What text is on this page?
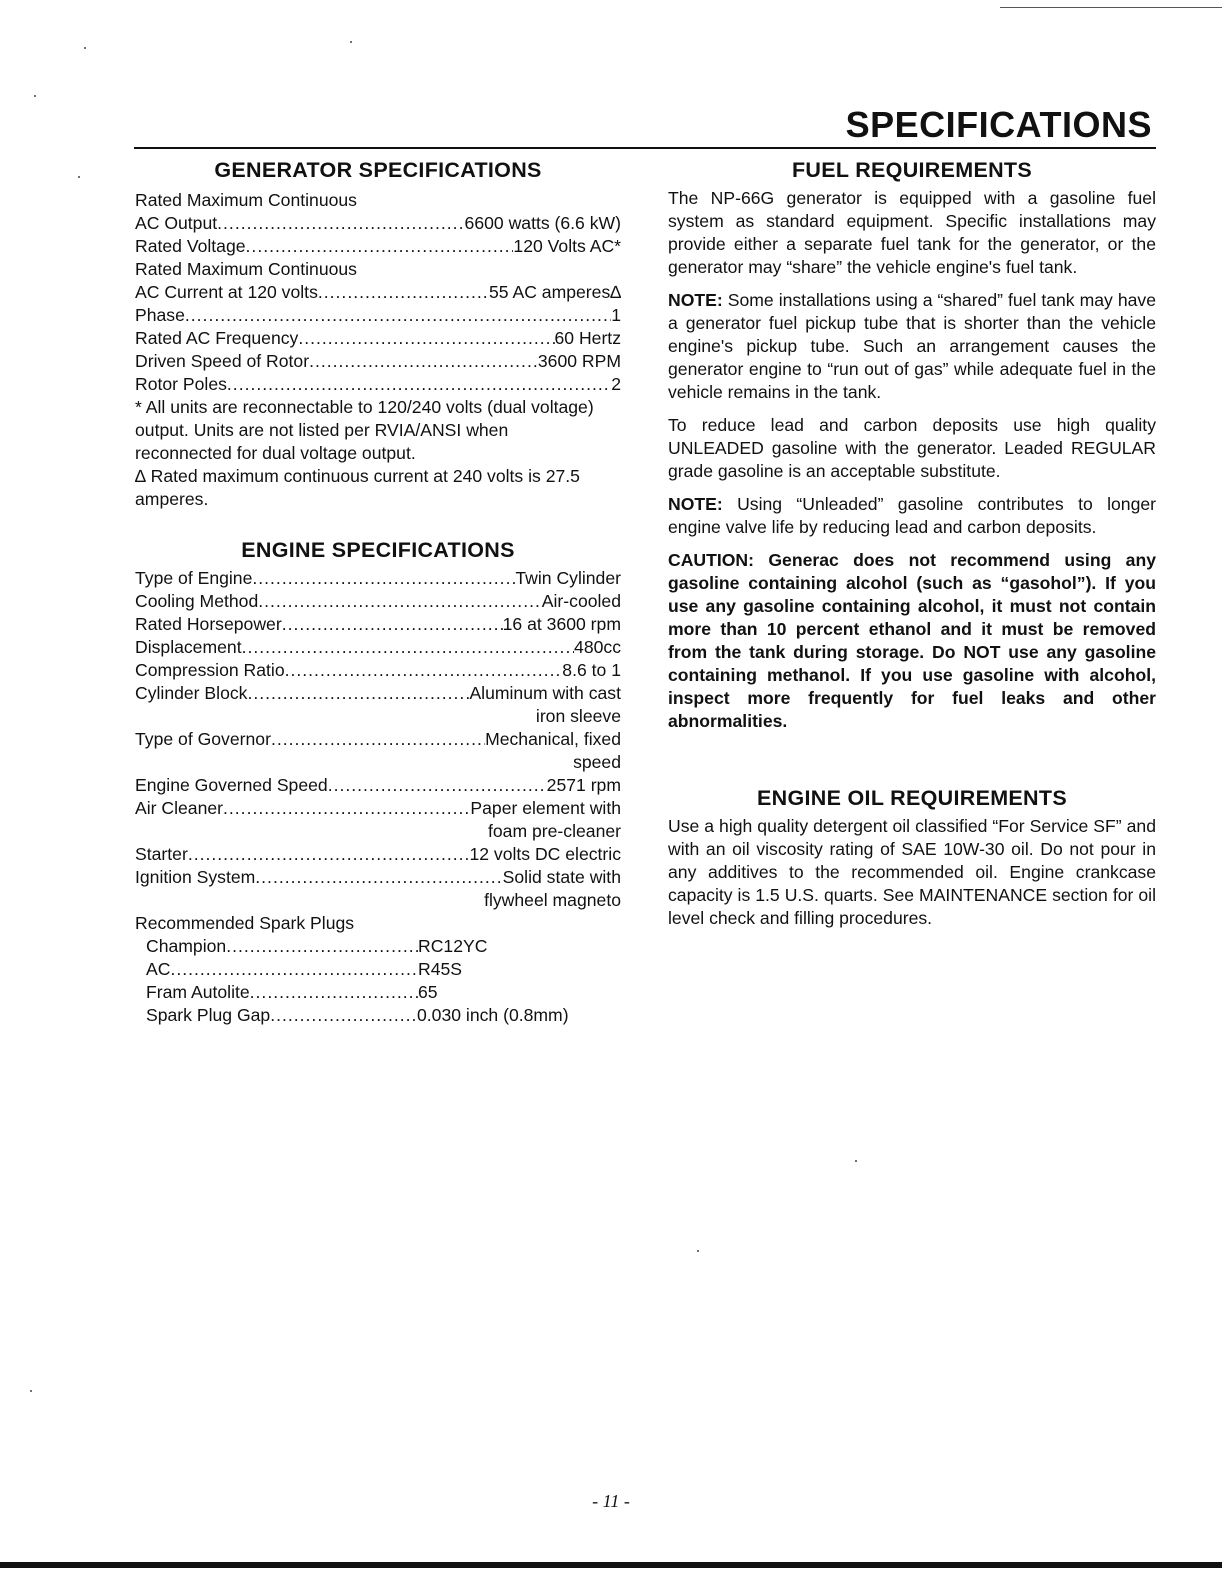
SPECIFICATIONS
GENERATOR SPECIFICATIONS

Rated Maximum Continuous

AC Output .....	6600 watts (6.6 kW)
Rated Voltage .....	120 Volts AC*

Rated Maximum Continuous

AC Current at 120 volts .....	55 AC amperes∆
Phase .....	1
Rated AC Frequency .....	60 Hertz
Driven Speed of Rotor .....	3600 RPM
Rotor Poles .....	2

* All units are reconnectable to 120/240 volts (dual voltage) output. Units are not listed per RVIA/ANSI when reconnected for dual voltage output.

∆ Rated maximum continuous current at 240 volts is 27.5 amperes.

ENGINE SPECIFICATIONS
Type of Engine .....	Twin Cylinder
Cooling Method .....	Air-cooled
Rated Horsepower .....	16 at 3600 rpm
Displacement .....	480cc
Compression Ratio .....	8.6 to 1
Cylinder Block .....	Aluminum with cast
iron sleeve
Type of Governor .....	Mechanical, fixed
speed
Engine Governed Speed .....	2571 rpm
Air Cleaner .....	Paper element with
foam pre-cleaner
Starter .....	12 volts DC electric
Ignition System .....	Solid state with
flywheel magneto

Recommended Spark Plugs

Champion .....	RC12YC
AC .....	R45S
Fram Autolite .....	65
Spark Plug Gap .....	0.030 inch (0.8mm)
FUEL REQUIREMENTS

The NP-66G generator is equipped with a gasoline fuel system as standard equipment. Specific installations may provide either a separate fuel tank for the generator, or the generator may “share” the vehicle engine's fuel tank.

NOTE: Some installations using a “shared” fuel tank may have a generator fuel pickup tube that is shorter than the vehicle engine's pickup tube. Such an arrangement causes the generator engine to “run out of gas” while adequate fuel in the vehicle remains in the tank.

To reduce lead and carbon deposits use high quality UNLEADED gasoline with the generator. Leaded REGULAR grade gasoline is an acceptable substitute.

NOTE: Using “Unleaded” gasoline contributes to longer engine valve life by reducing lead and carbon deposits.

CAUTION: Generac does not recommend using any gasoline containing alcohol (such as “gasohol”). If you use any gasoline containing alcohol, it must not contain more than 10 percent ethanol and it must be removed from the tank during storage. Do NOT use any gasoline containing methanol. If you use gasoline with alcohol, inspect more frequently for fuel leaks and other abnormalities.

ENGINE OIL REQUIREMENTS

Use a high quality detergent oil classified “For Service SF” and with an oil viscosity rating of SAE 10W-30 oil. Do not pour in any additives to the recommended oil. Engine crankcase capacity is 1.5 U.S. quarts. See MAINTENANCE section for oil level check and filling procedures.

- 11 -
